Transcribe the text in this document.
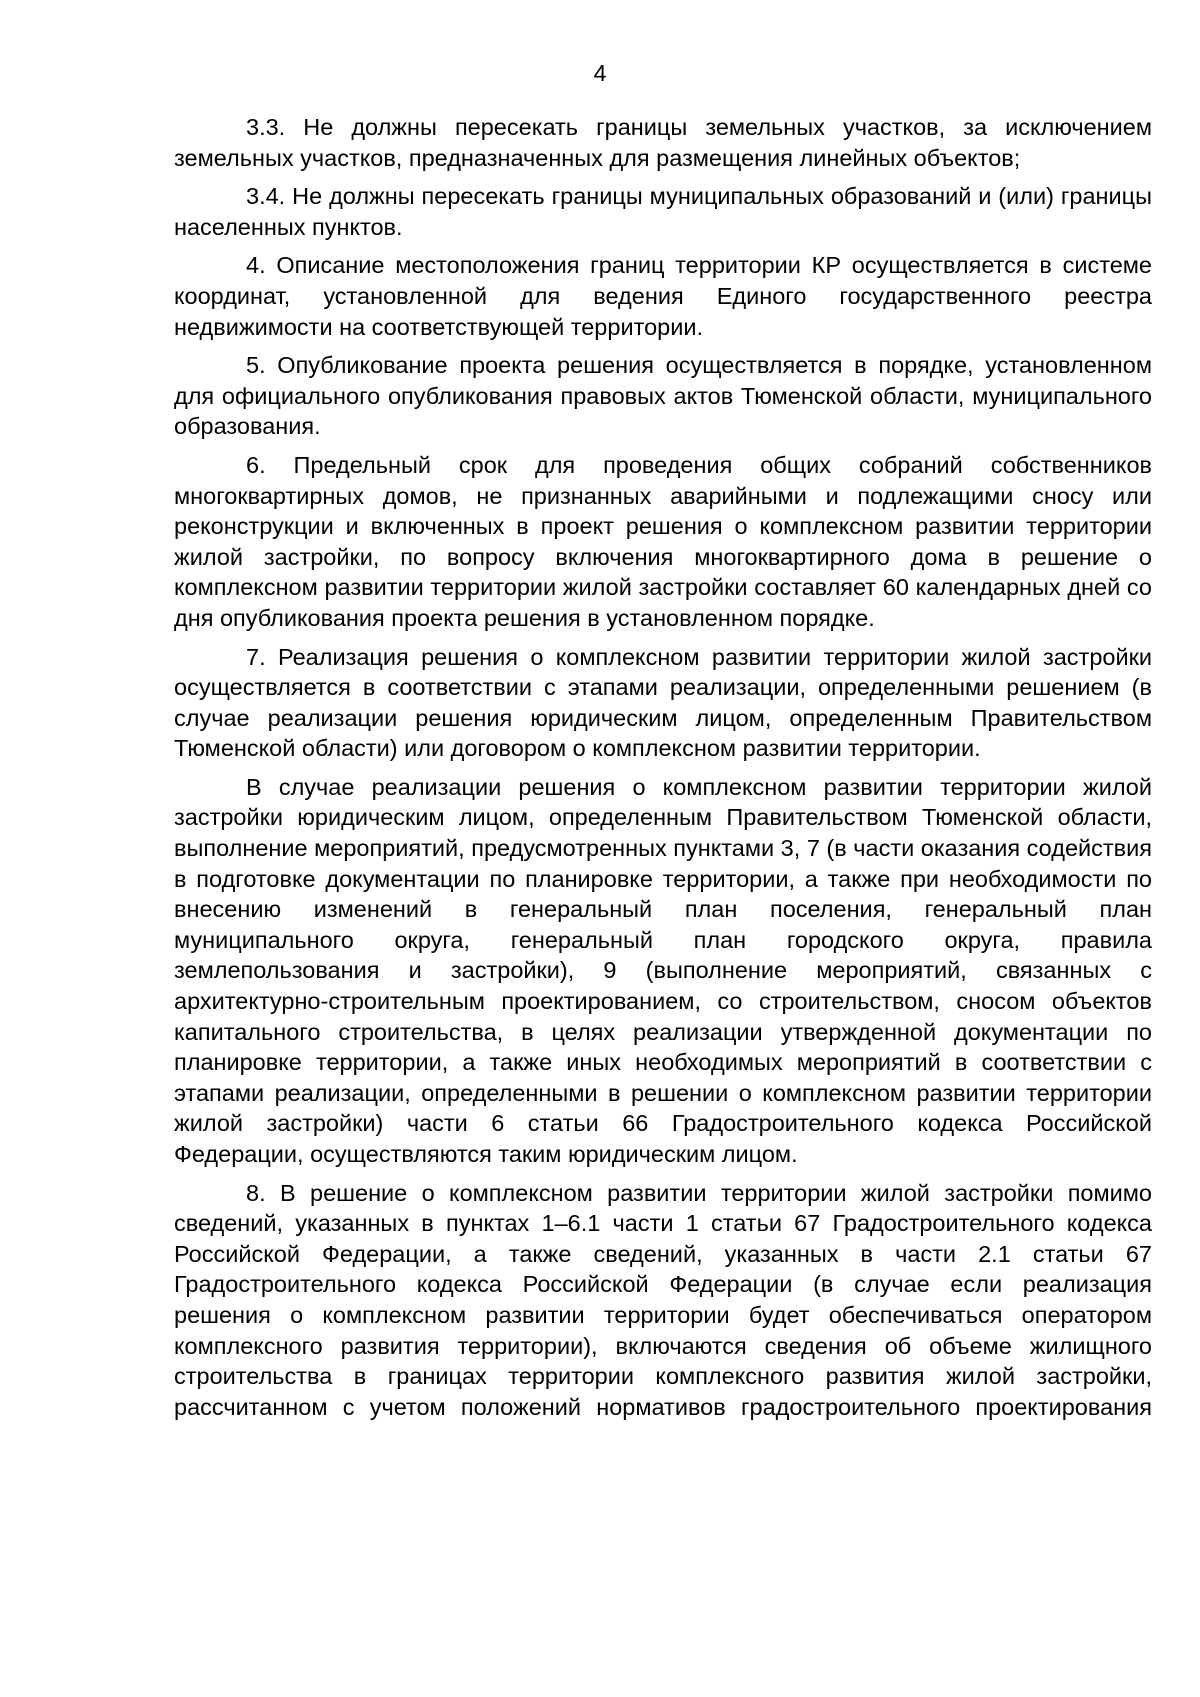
4

3.3. Не должны пересекать границы земельных участков, за исключением земельных участков, предназначенных для размещения линейных объектов;

3.4. Не должны пересекать границы муниципальных образований и (или) границы населенных пунктов.

4. Описание местоположения границ территории КР осуществляется в системе координат, установленной для ведения Единого государственного реестра недвижимости на соответствующей территории.

5. Опубликование проекта решения осуществляется в порядке, установленном для официального опубликования правовых актов Тюменской области, муниципального образования.

6. Предельный срок для проведения общих собраний собственников многоквартирных домов, не признанных аварийными и подлежащими сносу или реконструкции и включенных в проект решения о комплексном развитии территории жилой застройки, по вопросу включения многоквартирного дома в решение о комплексном развитии территории жилой застройки составляет 60 календарных дней со дня опубликования проекта решения в установленном порядке.

7. Реализация решения о комплексном развитии территории жилой застройки осуществляется в соответствии с этапами реализации, определенными решением (в случае реализации решения юридическим лицом, определенным Правительством Тюменской области) или договором о комплексном развитии территории.

В случае реализации решения о комплексном развитии территории жилой застройки юридическим лицом, определенным Правительством Тюменской области, выполнение мероприятий, предусмотренных пунктами 3, 7 (в части оказания содействия в подготовке документации по планировке территории, а также при необходимости по внесению изменений в генеральный план поселения, генеральный план муниципального округа, генеральный план городского округа, правила землепользования и застройки), 9 (выполнение мероприятий, связанных с архитектурно-строительным проектированием, со строительством, сносом объектов капитального строительства, в целях реализации утвержденной документации по планировке территории, а также иных необходимых мероприятий в соответствии с этапами реализации, определенными в решении о комплексном развитии территории жилой застройки) части 6 статьи 66 Градостроительного кодекса Российской Федерации, осуществляются таким юридическим лицом.

8. В решение о комплексном развитии территории жилой застройки помимо сведений, указанных в пунктах 1–6.1 части 1 статьи 67 Градостроительного кодекса Российской Федерации, а также сведений, указанных в части 2.1 статьи 67 Градостроительного кодекса Российской Федерации (в случае если реализация решения о комплексном развитии территории будет обеспечиваться оператором комплексного развития территории), включаются сведения об объеме жилищного строительства в границах территории комплексного развития жилой застройки, рассчитанном с учетом положений нормативов градостроительного проектирования
